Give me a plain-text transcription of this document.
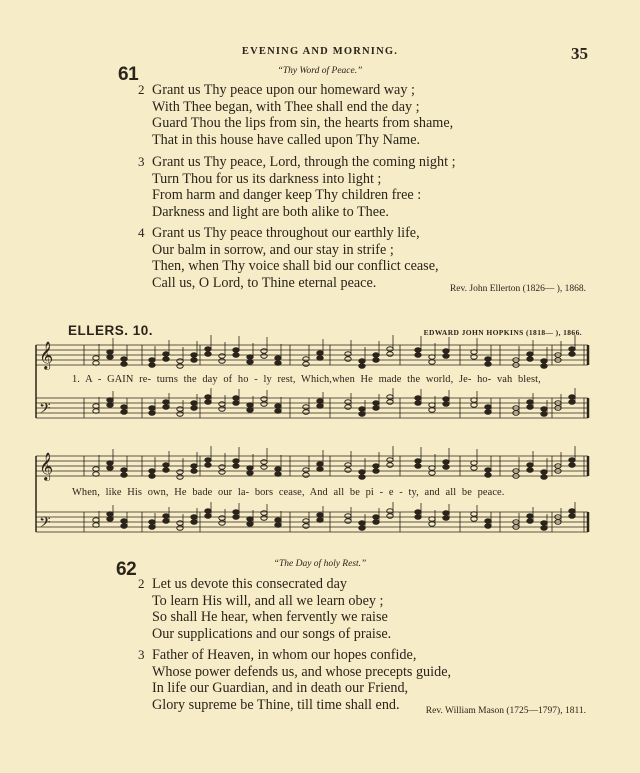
EVENING AND MORNING.	35
61	“Thy Word of Peace.”
2 Grant us Thy peace upon our homeward way ;
With Thee began, with Thee shall end the day ;
Guard Thou the lips from sin, the hearts from shame,
That in this house have called upon Thy Name.
3 Grant us Thy peace, Lord, through the coming night ;
Turn Thou for us its darkness into light ;
From harm and danger keep Thy children free :
Darkness and light are both alike to Thee.
4 Grant us Thy peace throughout our earthly life,
Our balm in sorrow, and our stay in strife ;
Then, when Thy voice shall bid our conflict cease,
Call us, O Lord, to Thine eternal peace.	Rev. John Ellerton (1826— ), 1868.
ELLERS. 10.	EDWARD JOHN HOPKINS (1818— ), 1866.
𝄞
𝄢
𝄞
𝄢
1. A - GAIN re- turns the day of ho - ly rest, Which,when He made the world, Je- ho- vah blest,
When, like His own, He bade our la- bors cease, And all be pi - e - ty, and all be peace.
62	“The Day of holy Rest.”
2 Let us devote this consecrated day
To learn His will, and all we learn obey ;
So shall He hear, when fervently we raise
Our supplications and our songs of praise.
3 Father of Heaven, in whom our hopes confide,
Whose power defends us, and whose precepts guide,
In life our Guardian, and in death our Friend,
Glory supreme be Thine, till time shall end.	Rev. William Mason (1725—1797), 1811.
